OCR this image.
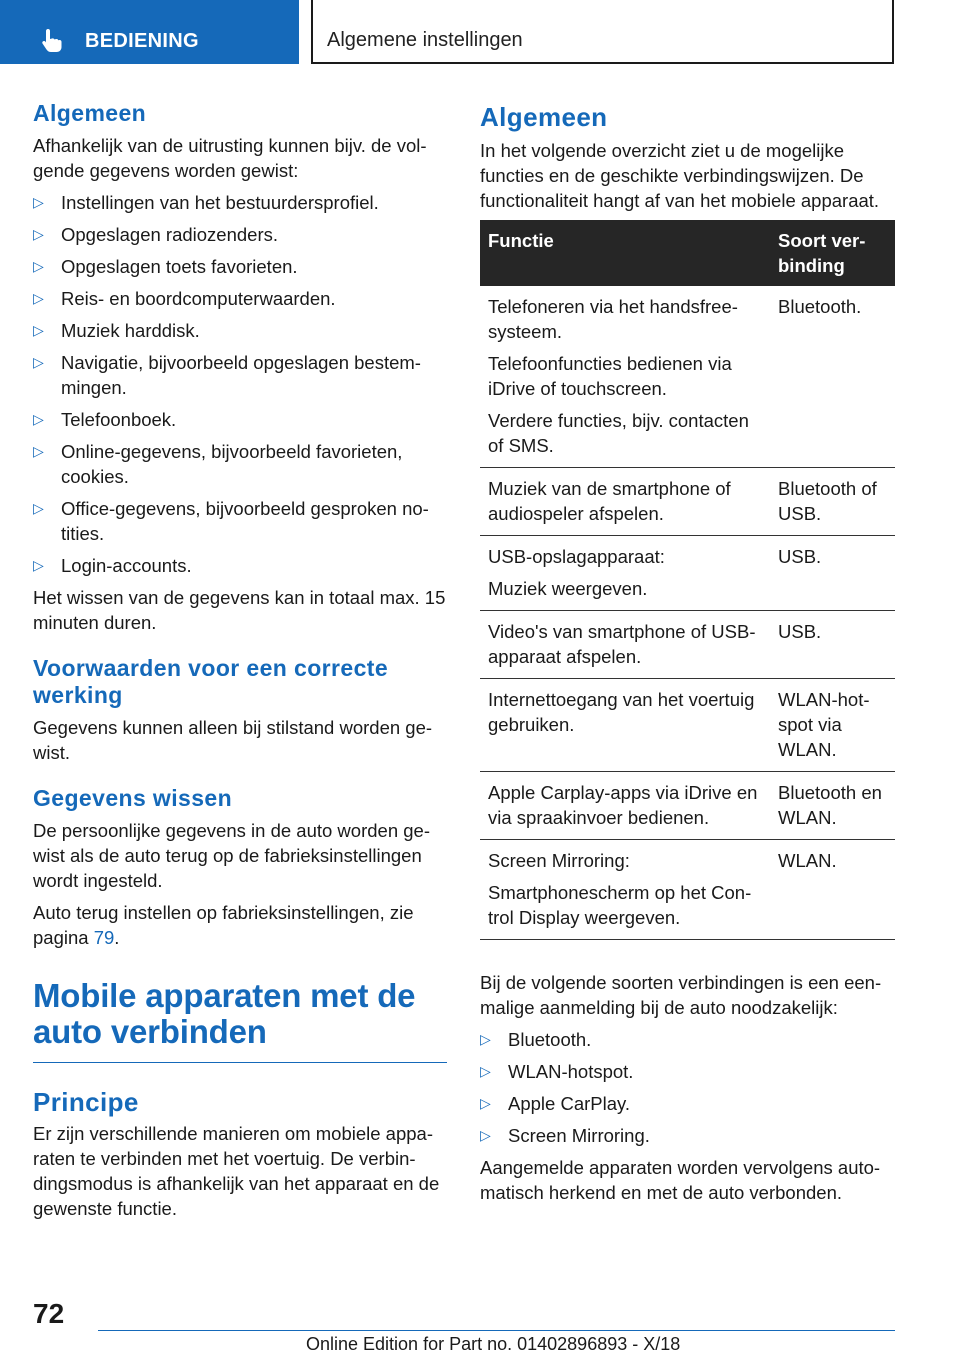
BEDIENING	Algemene instellingen
Algemeen

Afhankelijk van de uitrusting kunnen bijv. de vol‐gende gegevens worden gewist:

▷ Instellingen van het bestuurdersprofiel.
▷ Opgeslagen radiozenders.
▷ Opgeslagen toets favorieten.
▷ Reis- en boordcomputerwaarden.
▷ Muziek harddisk.
▷ Navigatie, bijvoorbeeld opgeslagen bestem‐mingen.
▷ Telefoonboek.
▷ Online-gegevens, bijvoorbeeld favorieten, cookies.
▷ Office-gegevens, bijvoorbeeld gesproken no‐tities.
▷ Login-accounts.

Het wissen van de gegevens kan in totaal max. 15 minuten duren.

Voorwaarden voor een correcte werking

Gegevens kunnen alleen bij stilstand worden ge‐wist.

Gegevens wissen

De persoonlijke gegevens in de auto worden ge‐wist als de auto terug op de fabrieksinstellingen wordt ingesteld.

Auto terug instellen op fabrieksinstellingen, zie pagina 79.

Mobile apparaten met de auto verbinden
Principe

Er zijn verschillende manieren om mobiele appa‐raten te verbinden met het voertuig. De verbin‐dingsmodus is afhankelijk van het apparaat en de gewenste functie.

Algemeen

In het volgende overzicht ziet u de mogelijke functies en de geschikte verbindingswijzen. De functionaliteit hangt af van het mobiele apparaat.

Functie	Soort ver‐binding

Telefoneren via het handsfree-systeem.

Telefoonfuncties bedienen via iDrive of touchscreen.

Verdere functies, bijv. contacten of SMS.	Bluetooth.

Muziek van de smartphone of audiospeler afspelen.	Bluetooth of USB.

USB-opslagapparaat:

Muziek weergeven.	USB.

Video's van smartphone of USB-apparaat afspelen.	USB.

Internettoegang van het voertuig gebruiken.	WLAN-hot‐spot via WLAN.

Apple Carplay-apps via iDrive en via spraakinvoer bedienen.	Bluetooth en WLAN.

Screen Mirroring:

Smartphonescherm op het Con‐trol Display weergeven.	WLAN.

Bij de volgende soorten verbindingen is een een‐malige aanmelding bij de auto noodzakelijk:

▷ Bluetooth.
▷ WLAN-hotspot.
▷ Apple CarPlay.
▷ Screen Mirroring.

Aangemelde apparaten worden vervolgens auto‐matisch herkend en met de auto verbonden.

72
Online Edition for Part no. 01402896893 - X/18
